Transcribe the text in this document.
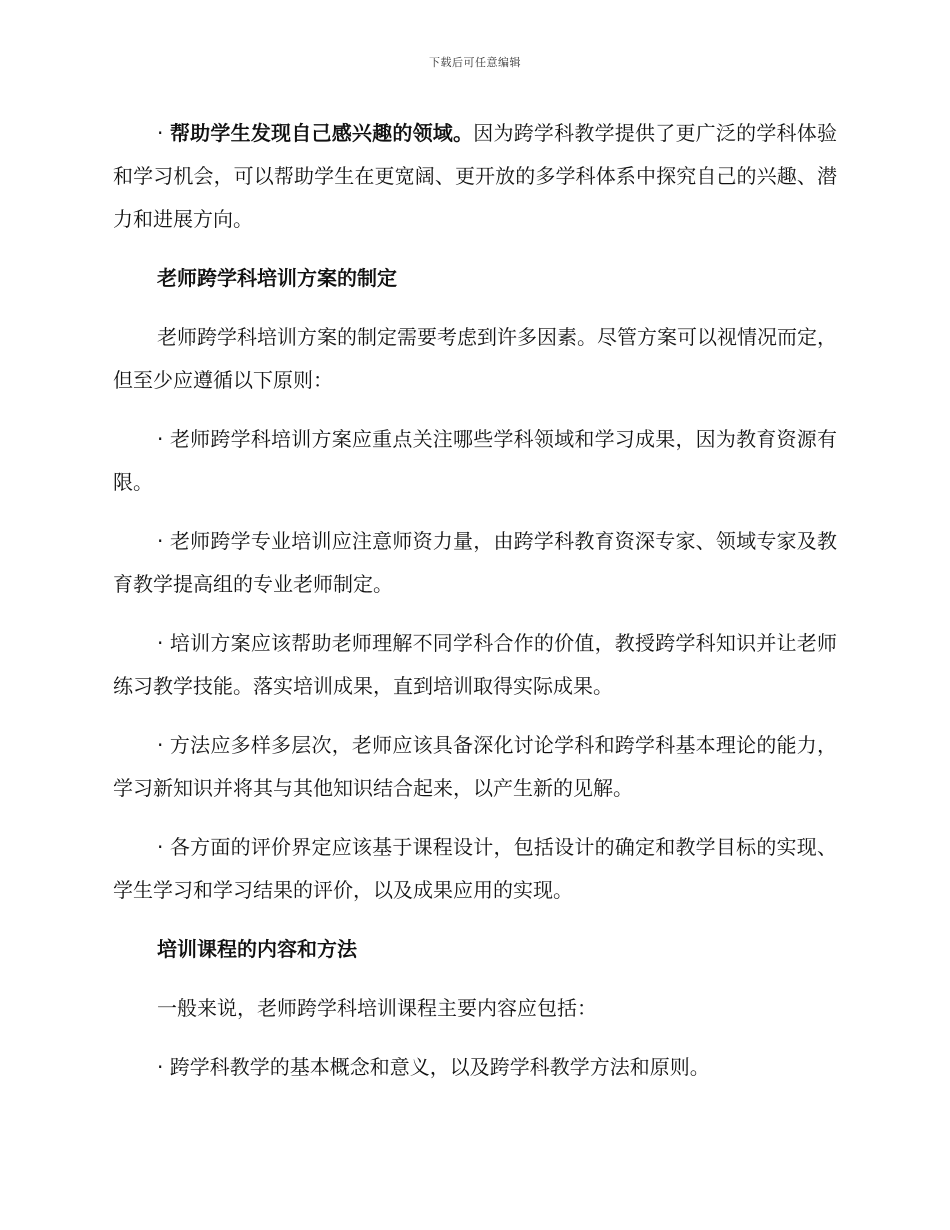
下载后可任意编辑

· 帮助学生发现自己感兴趣的领域。因为跨学科教学提供了更广泛的学科体验和学习机会，可以帮助学生在更宽阔、更开放的多学科体系中探究自己的兴趣、潜力和进展方向。

老师跨学科培训方案的制定

老师跨学科培训方案的制定需要考虑到许多因素。尽管方案可以视情况而定，但至少应遵循以下原则：

· 老师跨学科培训方案应重点关注哪些学科领域和学习成果，因为教育资源有限。

· 老师跨学专业培训应注意师资力量，由跨学科教育资深专家、领域专家及教育教学提高组的专业老师制定。

· 培训方案应该帮助老师理解不同学科合作的价值，教授跨学科知识并让老师练习教学技能。落实培训成果，直到培训取得实际成果。

· 方法应多样多层次，老师应该具备深化讨论学科和跨学科基本理论的能力，学习新知识并将其与其他知识结合起来，以产生新的见解。

· 各方面的评价界定应该基于课程设计，包括设计的确定和教学目标的实现、学生学习和学习结果的评价，以及成果应用的实现。

培训课程的内容和方法

一般来说，老师跨学科培训课程主要内容应包括：

· 跨学科教学的基本概念和意义，以及跨学科教学方法和原则。
